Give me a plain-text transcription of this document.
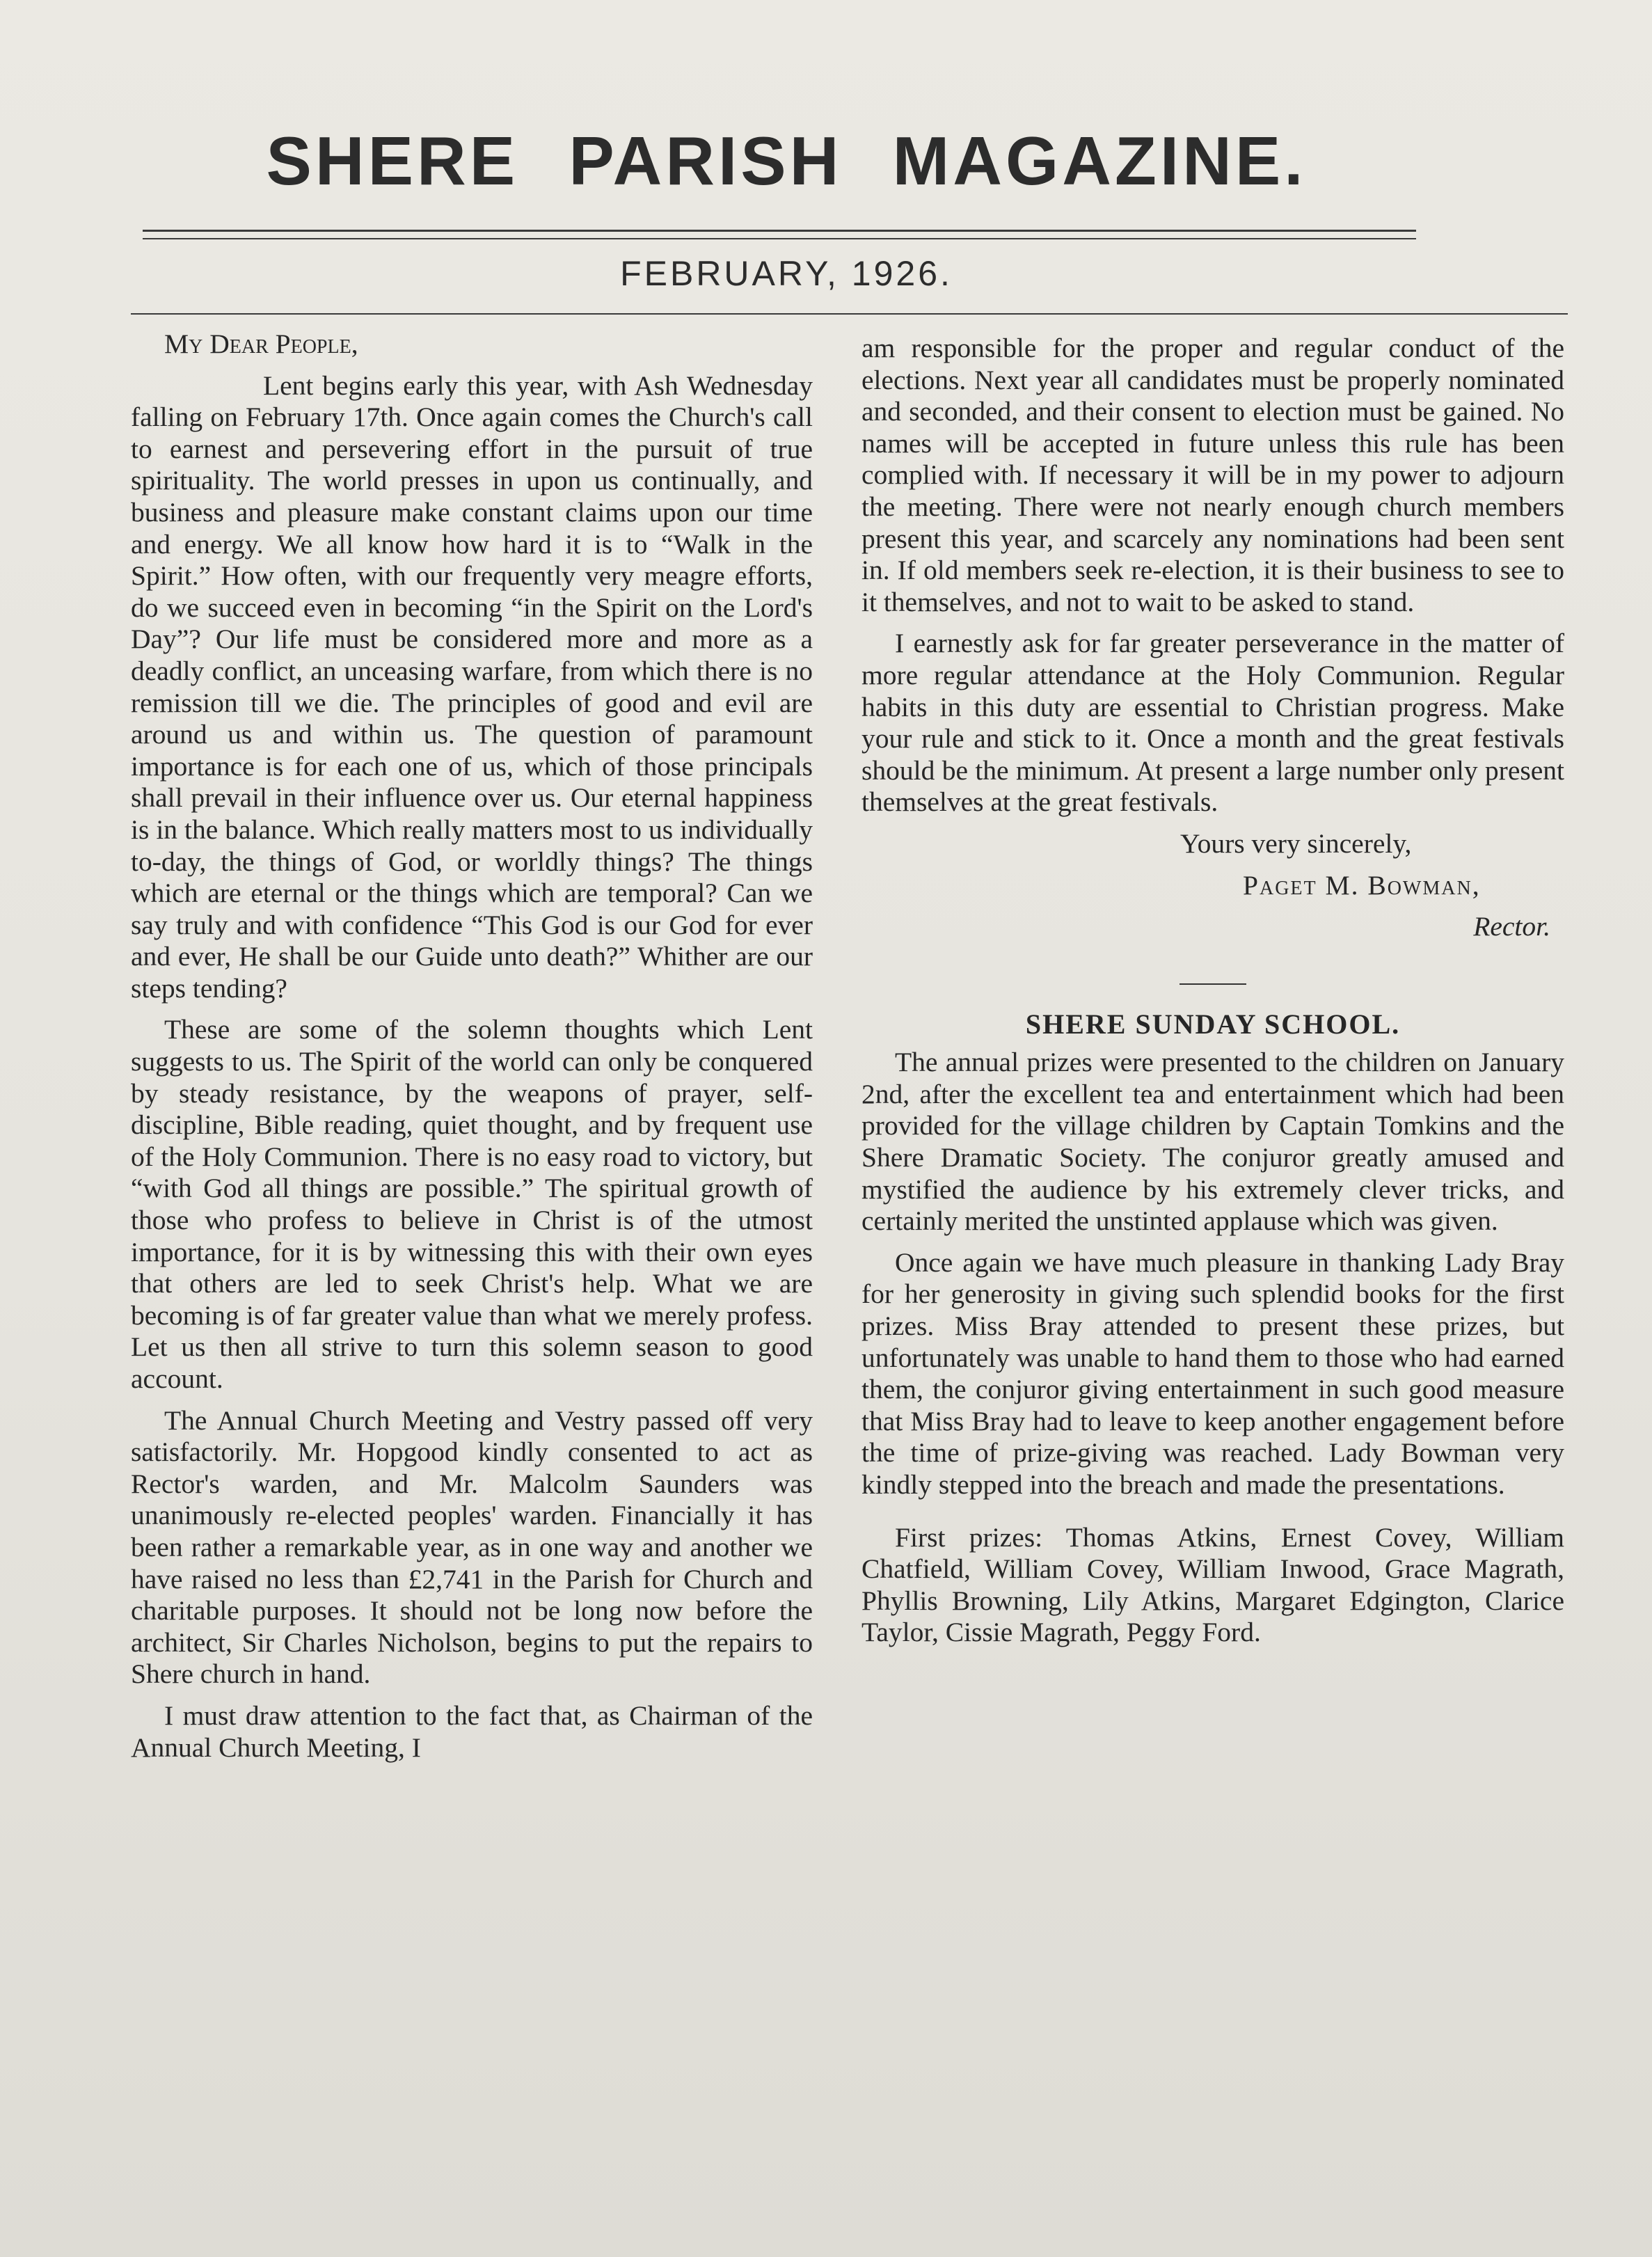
SHERE PARISH MAGAZINE.
FEBRUARY, 1926.

My Dear People,

Lent begins early this year, with Ash Wednesday falling on February 17th. Once again comes the Church's call to earnest and persevering effort in the pursuit of true spirituality. The world presses in upon us continually, and business and pleasure make constant claims upon our time and energy. We all know how hard it is to “Walk in the Spirit.” How often, with our frequently very meagre efforts, do we succeed even in becoming “in the Spirit on the Lord's Day”? Our life must be considered more and more as a deadly conflict, an unceasing warfare, from which there is no remission till we die. The principles of good and evil are around us and within us. The question of paramount importance is for each one of us, which of those principals shall prevail in their influence over us. Our eternal happiness is in the balance. Which really matters most to us individually to-day, the things of God, or worldly things? The things which are eternal or the things which are temporal? Can we say truly and with confidence “This God is our God for ever and ever, He shall be our Guide unto death?” Whither are our steps tending?

These are some of the solemn thoughts which Lent suggests to us. The Spirit of the world can only be conquered by steady resistance, by the weapons of prayer, self-discipline, Bible reading, quiet thought, and by frequent use of the Holy Communion. There is no easy road to victory, but “with God all things are possible.” The spiritual growth of those who profess to believe in Christ is of the utmost importance, for it is by witnessing this with their own eyes that others are led to seek Christ's help. What we are becoming is of far greater value than what we merely profess. Let us then all strive to turn this solemn season to good account.

The Annual Church Meeting and Vestry passed off very satisfactorily. Mr. Hopgood kindly consented to act as Rector's warden, and Mr. Malcolm Saunders was unanimously re-elected peoples' warden. Financially it has been rather a remarkable year, as in one way and another we have raised no less than £2,741 in the Parish for Church and charitable purposes. It should not be long now before the architect, Sir Charles Nicholson, begins to put the repairs to Shere church in hand.

I must draw attention to the fact that, as Chairman of the Annual Church Meeting, I

am responsible for the proper and regular conduct of the elections. Next year all candidates must be properly nominated and seconded, and their consent to election must be gained. No names will be accepted in future unless this rule has been complied with. If necessary it will be in my power to adjourn the meeting. There were not nearly enough church members present this year, and scarcely any nominations had been sent in. If old members seek re-election, it is their business to see to it themselves, and not to wait to be asked to stand.

I earnestly ask for far greater perseverance in the matter of more regular attendance at the Holy Communion. Regular habits in this duty are essential to Christian progress. Make your rule and stick to it. Once a month and the great festivals should be the minimum. At present a large number only present themselves at the great festivals.

Yours very sincerely,

Paget M. Bowman,

Rector.

SHERE SUNDAY SCHOOL.

The annual prizes were presented to the children on January 2nd, after the excellent tea and entertainment which had been provided for the village children by Captain Tomkins and the Shere Dramatic Society. The conjuror greatly amused and mystified the audience by his extremely clever tricks, and certainly merited the unstinted applause which was given.

Once again we have much pleasure in thanking Lady Bray for her generosity in giving such splendid books for the first prizes. Miss Bray attended to present these prizes, but unfortunately was unable to hand them to those who had earned them, the conjuror giving entertainment in such good measure that Miss Bray had to leave to keep another engagement before the time of prize-giving was reached. Lady Bowman very kindly stepped into the breach and made the presentations.

First prizes: Thomas Atkins, Ernest Covey, William Chatfield, William Covey, William Inwood, Grace Magrath, Phyllis Browning, Lily Atkins, Margaret Edgington, Clarice Taylor, Cissie Magrath, Peggy Ford.
